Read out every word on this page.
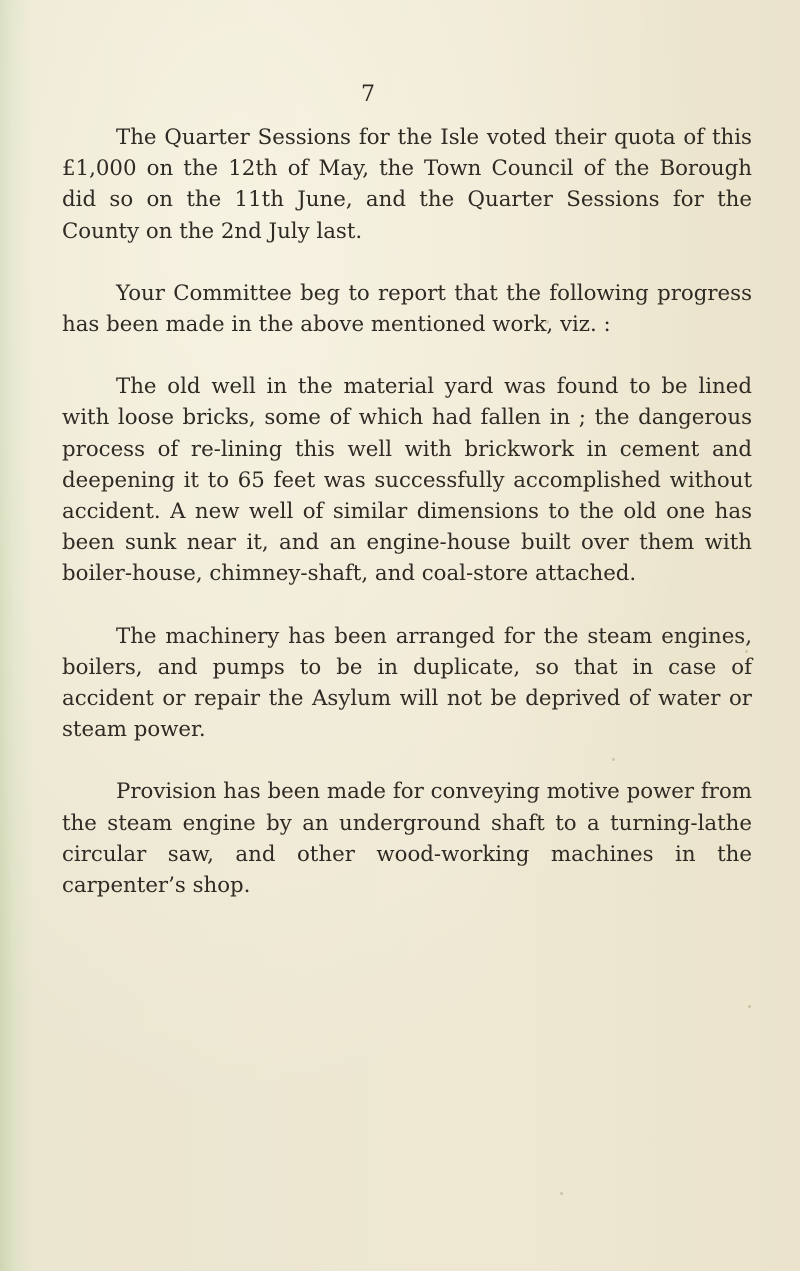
7

The Quarter Sessions for the Isle voted their quota of this £1,000 on the 12th of May, the Town Council of the Borough did so on the 11th June, and the Quarter Sessions for the County on the 2nd July last.

Your Committee beg to report that the following progress has been made in the above mentioned work, viz. :

The old well in the material yard was found to be lined with loose bricks, some of which had fallen in ; the dangerous process of re-lining this well with brickwork in cement and deepening it to 65 feet was successfully accomplished without accident. A new well of similar dimensions to the old one has been sunk near it, and an engine-house built over them with boiler-house, chimney-shaft, and coal-store attached.

The machinery has been arranged for the steam engines, boilers, and pumps to be in duplicate, so that in case of accident or repair the Asylum will not be deprived of water or steam power.

Provision has been made for conveying motive power from the steam engine by an underground shaft to a turning-lathe circular saw, and other wood-working machines in the carpenter’s shop.
